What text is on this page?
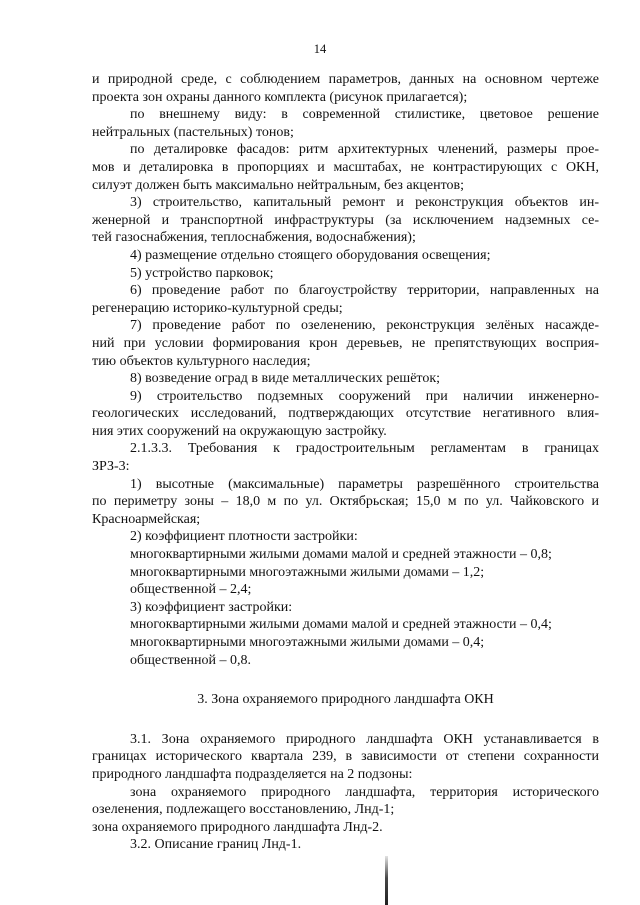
14
и природной среде, с соблюдением параметров, данных на основном чертеже
проекта зон охраны данного комплекта (рисунок прилагается);
по внешнему виду: в современной стилистике, цветовое решение
нейтральных (пастельных) тонов;
по деталировке фасадов: ритм архитектурных членений, размеры прое-
мов и деталировка в пропорциях и масштабах, не контрастирующих с ОКН,
силуэт должен быть максимально нейтральным, без акцентов;
3) строительство, капитальный ремонт и реконструкция объектов ин-
женерной и транспортной инфраструктуры (за исключением надземных се-
тей газоснабжения, теплоснабжения, водоснабжения);
4) размещение отдельно стоящего оборудования освещения;
5) устройство парковок;
6) проведение работ по благоустройству территории, направленных на
регенерацию историко-культурной среды;
7) проведение работ по озеленению, реконструкция зелёных насажде-
ний при условии формирования крон деревьев, не препятствующих восприя-
тию объектов культурного наследия;
8) возведение оград в виде металлических решёток;
9) строительство подземных сооружений при наличии инженерно-
геологических исследований, подтверждающих отсутствие негативного влия-
ния этих сооружений на окружающую застройку.
2.1.3.3. Требования к градостроительным регламентам в границах
ЗРЗ-3:
1) высотные (максимальные) параметры разрешённого строительства
по периметру зоны – 18,0 м по ул. Октябрьская; 15,0 м по ул. Чайковского и
Красноармейская;
2) коэффициент плотности застройки:
многоквартирными жилыми домами малой и средней этажности – 0,8;
многоквартирными многоэтажными жилыми домами – 1,2;
общественной – 2,4;
3) коэффициент застройки:
многоквартирными жилыми домами малой и средней этажности – 0,4;
многоквартирными многоэтажными жилыми домами – 0,4;
общественной – 0,8.
3. Зона охраняемого природного ландшафта ОКН
3.1. Зона охраняемого природного ландшафта ОКН устанавливается в
границах исторического квартала 239, в зависимости от степени сохранности
природного ландшафта подразделяется на 2 подзоны:
зона охраняемого природного ландшафта, территория исторического
озеленения, подлежащего восстановлению, Лнд-1;
зона охраняемого природного ландшафта Лнд-2.
3.2. Описание границ Лнд-1.
